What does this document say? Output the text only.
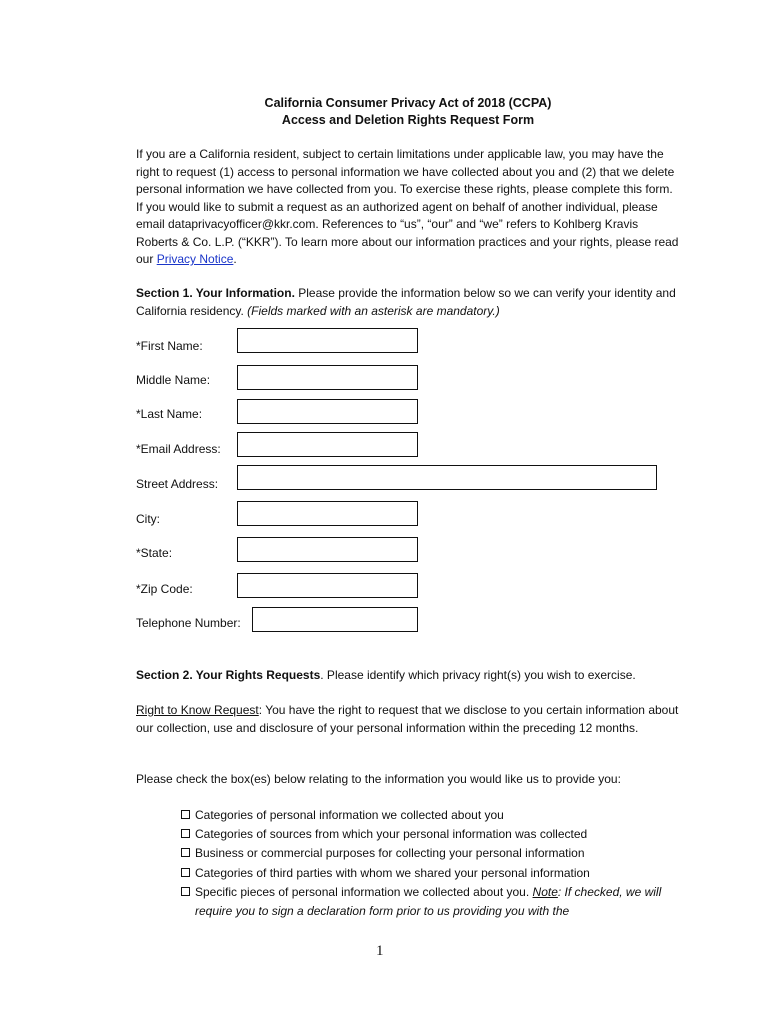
California Consumer Privacy Act of 2018 (CCPA)
Access and Deletion Rights Request Form
If you are a California resident, subject to certain limitations under applicable law, you may have the right to request (1) access to personal information we have collected about you and (2) that we delete personal information we have collected from you. To exercise these rights, please complete this form. If you would like to submit a request as an authorized agent on behalf of another individual, please email dataprivacyofficer@kkr.com. References to “us”, “our” and “we” refers to Kohlberg Kravis Roberts & Co. L.P. (“KKR”). To learn more about our information practices and your rights, please read our Privacy Notice.
Section 1. Your Information. Please provide the information below so we can verify your identity and California residency. (Fields marked with an asterisk are mandatory.)
*First Name:
Middle Name:
*Last Name:
*Email Address:
Street Address:
City:
*State:
*Zip Code:
Telephone Number:
Section 2. Your Rights Requests. Please identify which privacy right(s) you wish to exercise.
Right to Know Request: You have the right to request that we disclose to you certain information about our collection, use and disclosure of your personal information within the preceding 12 months.
Please check the box(es) below relating to the information you would like us to provide you:
Categories of personal information we collected about you
Categories of sources from which your personal information was collected
Business or commercial purposes for collecting your personal information
Categories of third parties with whom we shared your personal information
Specific pieces of personal information we collected about you. Note: If checked, we will require you to sign a declaration form prior to us providing you with the
1
